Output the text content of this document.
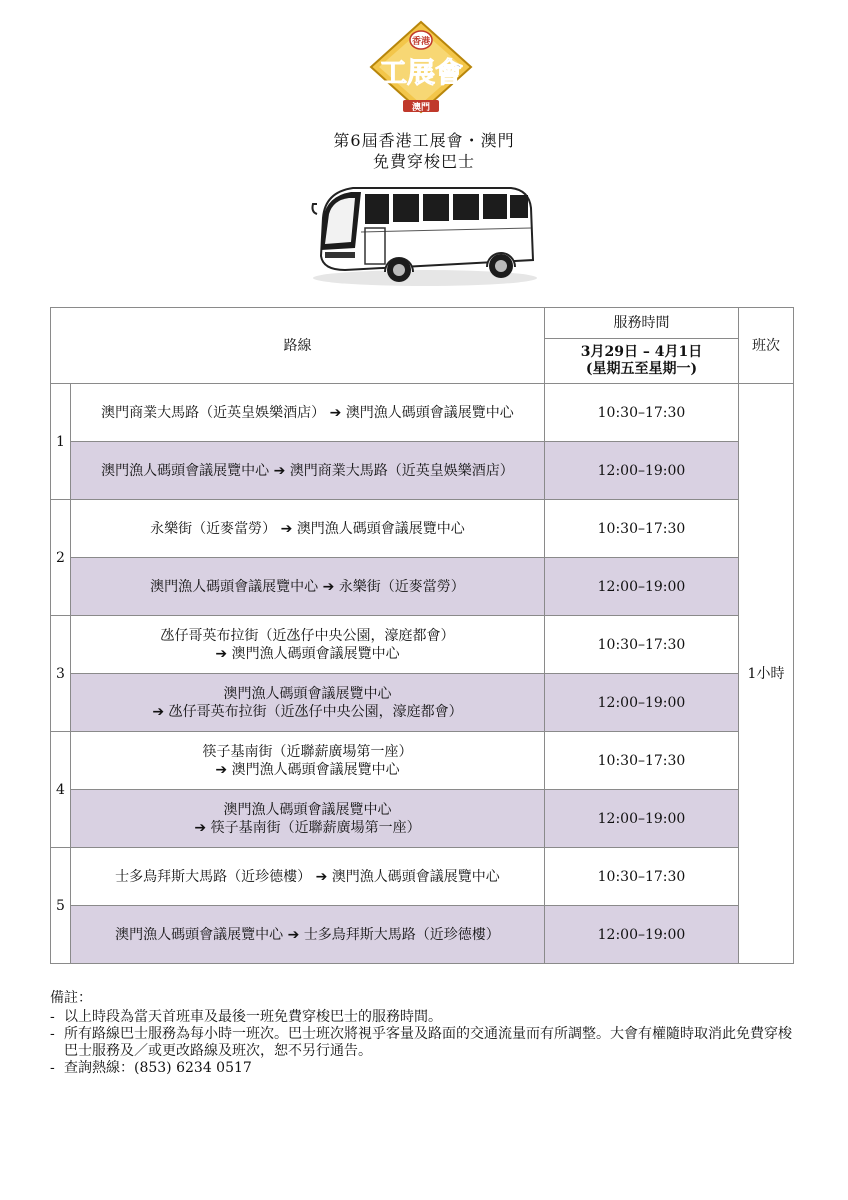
香港
工展會
澳門
第6屆香港工展會・澳門
免費穿梭巴士
路線		服務時間	班次
		3月29日 – 4月1日
(星期五至星期一)	
1	澳門商業大馬路（近英皇娛樂酒店） ➔ 澳門漁人碼頭會議展覽中心	10:30–17:30	1小時
	澳門漁人碼頭會議展覽中心 ➔ 澳門商業大馬路（近英皇娛樂酒店）	12:00–19:00	
2	永樂街（近麥當勞） ➔ 澳門漁人碼頭會議展覽中心	10:30–17:30	
	澳門漁人碼頭會議展覽中心 ➔ 永樂街（近麥當勞）	12:00–19:00	
3	氹仔哥英布拉街（近氹仔中央公園，濠庭都會）
➔ 澳門漁人碼頭會議展覽中心	10:30–17:30	
	澳門漁人碼頭會議展覽中心
➔ 氹仔哥英布拉街（近氹仔中央公園，濠庭都會）	12:00–19:00	
4	筷子基南街（近聯薪廣場第一座）
➔ 澳門漁人碼頭會議展覽中心	10:30–17:30	
	澳門漁人碼頭會議展覽中心
➔ 筷子基南街（近聯薪廣場第一座）	12:00–19:00	
5	士多鳥拜斯大馬路（近珍德樓） ➔ 澳門漁人碼頭會議展覽中心	10:30–17:30	
	澳門漁人碼頭會議展覽中心 ➔ 士多鳥拜斯大馬路（近珍德樓）	12:00–19:00	
備註：
- 以上時段為當天首班車及最後一班免費穿梭巴士的服務時間。
- 所有路線巴士服務為每小時一班次。巴士班次將視乎客量及路面的交通流量而有所調整。大會有權隨時取消此免費穿梭巴士服務及／或更改路線及班次，恕不另行通告。
- 查詢熱線：(853) 6234 0517
